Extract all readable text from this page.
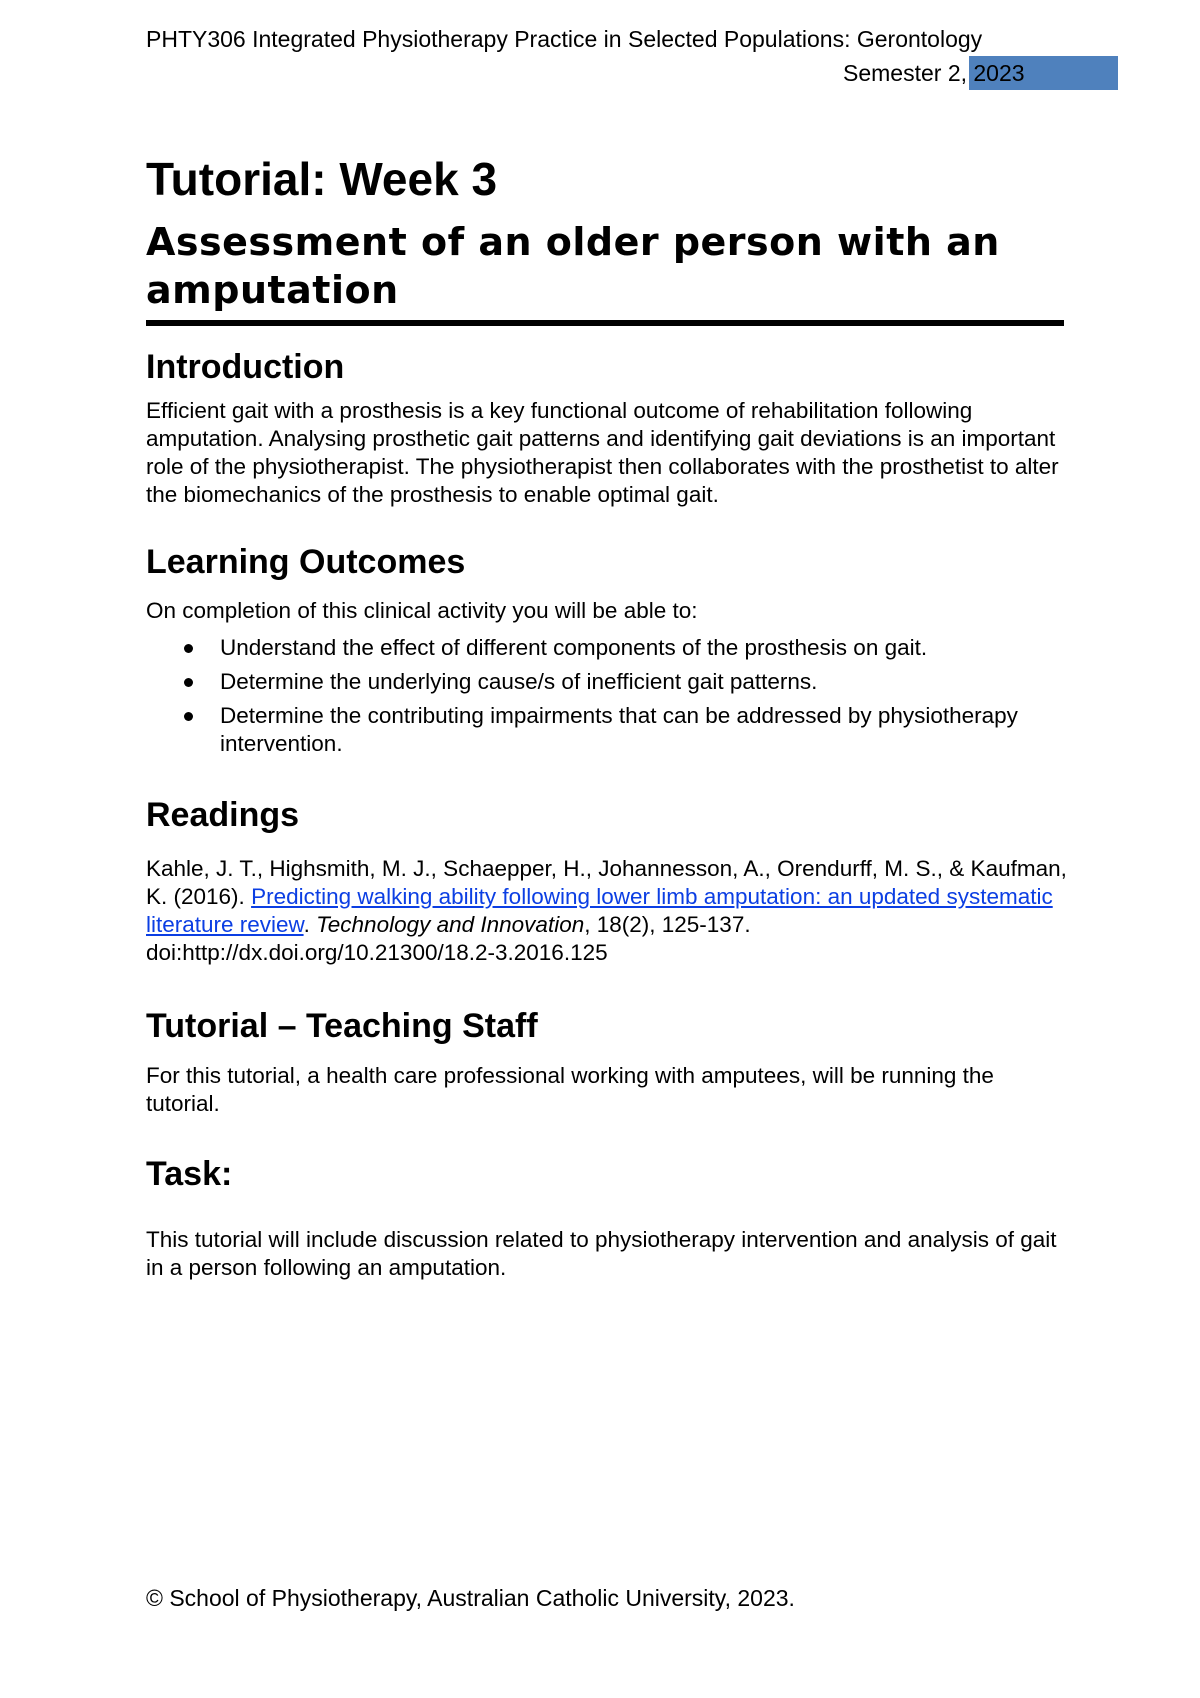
PHTY306 Integrated Physiotherapy Practice in Selected Populations: Gerontology
Semester 2, 2023
Tutorial: Week 3
Assessment of an older person with an amputation
Introduction

Efficient gait with a prosthesis is a key functional outcome of rehabilitation following amputation. Analysing prosthetic gait patterns and identifying gait deviations is an important role of the physiotherapist. The physiotherapist then collaborates with the prosthetist to alter the biomechanics of the prosthesis to enable optimal gait.

Learning Outcomes

On completion of this clinical activity you will be able to:

Understand the effect of different components of the prosthesis on gait.
Determine the underlying cause/s of inefficient gait patterns.
Determine the contributing impairments that can be addressed by physiotherapy intervention.
Readings

Kahle, J. T., Highsmith, M. J., Schaepper, H., Johannesson, A., Orendurff, M. S., & Kaufman, K. (2016). Predicting walking ability following lower limb amputation: an updated systematic literature review. Technology and Innovation, 18(2), 125-137. doi:http://dx.doi.org/10.21300/18.2-3.2016.125

Tutorial – Teaching Staff

For this tutorial, a health care professional working with amputees, will be running the tutorial.

Task:

This tutorial will include discussion related to physiotherapy intervention and analysis of gait in a person following an amputation.

© School of Physiotherapy, Australian Catholic University, 2023.
